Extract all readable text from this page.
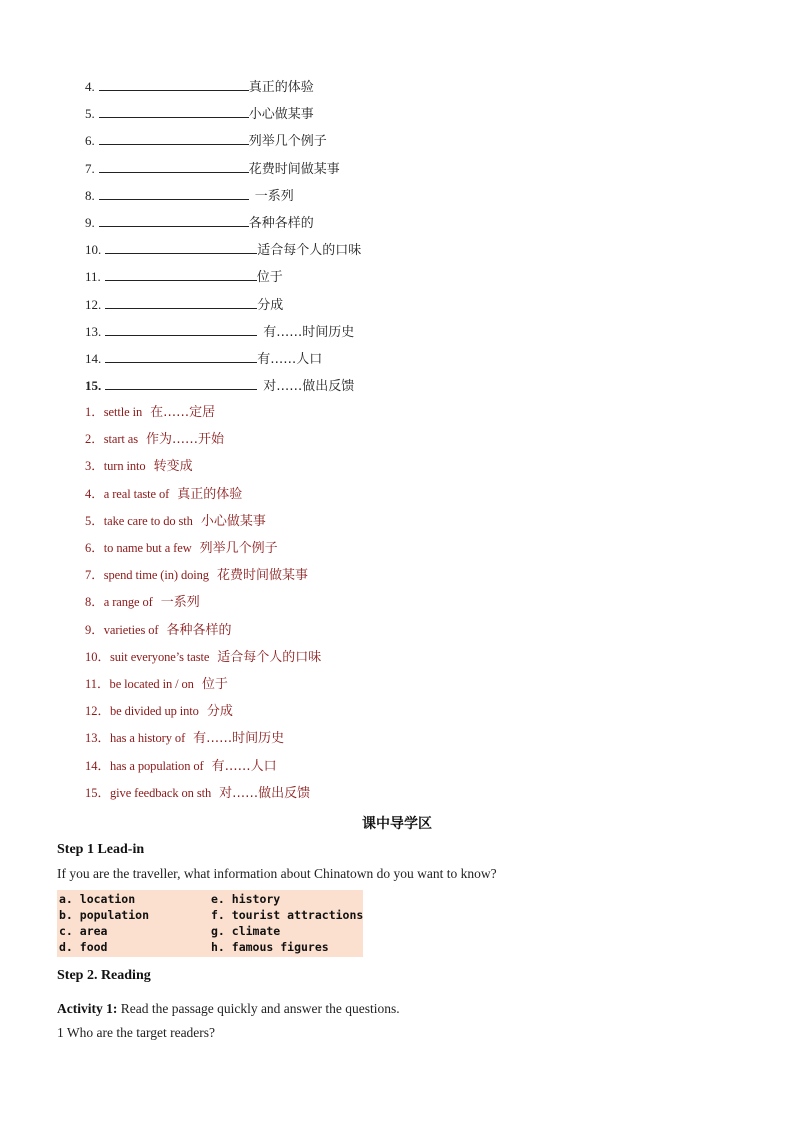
4.	真正的体验
5.	小心做某事
6.	列举几个例子
7.	花费时间做某事
8.	一系列
9.	各种各样的
10.	适合每个人的口味
11.	位于
12.	分成
13.	有……时间历史
14.	有……人口
15.	对……做出反馈
1．settle in 在……定居
2．start as 作为……开始
3．turn into 转变成
4．a real taste of 真正的体验
5．take care to do sth 小心做某事
6．to name but a few 列举几个例子
7．spend time (in) doing 花费时间做某事
8．a range of 一系列
9．varieties of 各种各样的
10．suit everyone’s taste 适合每个人的口味
11．be located in / on 位于
12．be divided up into 分成
13．has a history of 有……时间历史
14．has a population of 有……人口
15．give feedback on sth 对……做出反馈
课中导学区
Step 1 Lead-in
If you are the traveller, what information about Chinatown do you want to know?
a. location
b. population
c. area
d. food
e. history
f. tourist attractions
g. climate
h. famous figures
Step 2. Reading
Activity 1: Read the passage quickly and answer the questions.
1 Who are the target readers?
